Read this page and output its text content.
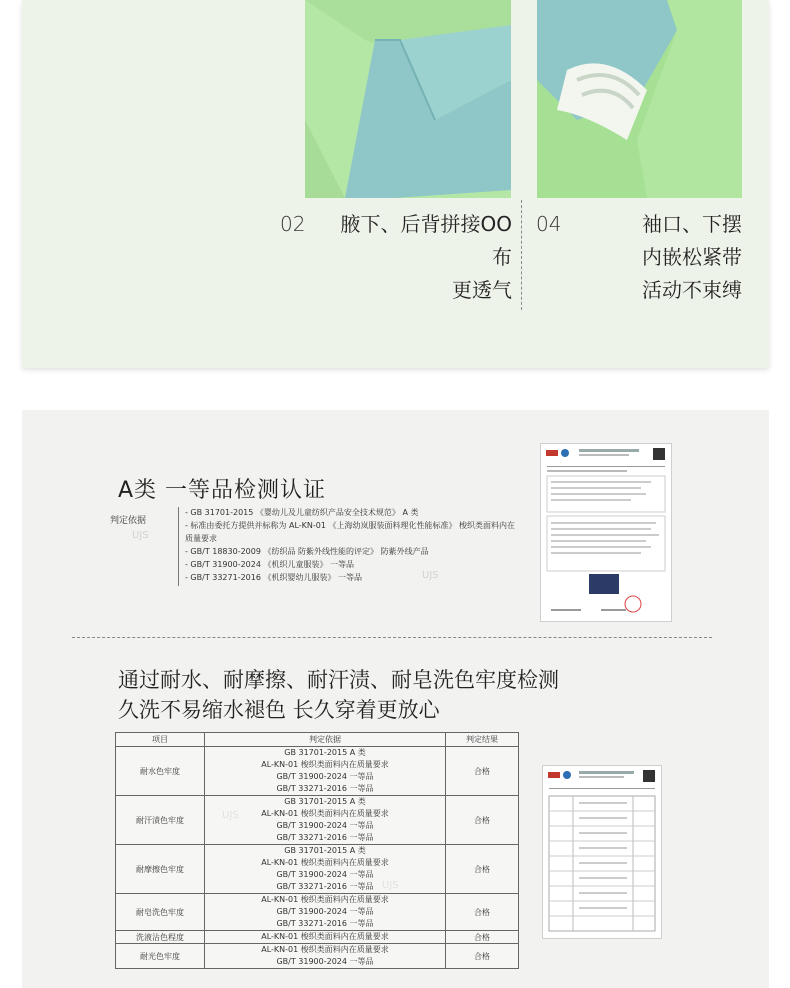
02	腋下、后背拼接OO布
更透气
04	袖口、下摆
内嵌松紧带
活动不束缚
UJS
UJS
UJS
UJS
A类 一等品检测认证
判定依据
- GB 31701-2015 《婴幼儿及儿童纺织产品安全技术规范》 A 类
- 标准由委托方提供并标称为 AL-KN-01 《上海幼岚服装面料理化性能标准》 梭织类面料内在
质量要求
- GB/T 18830-2009 《纺织品 防紫外线性能的评定》 防紫外线产品
- GB/T 31900-2024 《机织儿童服装》 一等品
- GB/T 33271-2016 《机织婴幼儿服装》 一等品
通过耐水、耐摩擦、耐汗渍、耐皂洗色牢度检测
久洗不易缩水褪色 长久穿着更放心
项目	判定依据	判定结果
耐水色牢度	GB 31701-2015 A 类
AL-KN-01 梭织类面料内在质量要求
GB/T 31900-2024 一等品
GB/T 33271-2016 一等品	合格
耐汗渍色牢度	GB 31701-2015 A 类
AL-KN-01 梭织类面料内在质量要求
GB/T 31900-2024 一等品
GB/T 33271-2016 一等品	合格
耐摩擦色牢度	GB 31701-2015 A 类
AL-KN-01 梭织类面料内在质量要求
GB/T 31900-2024 一等品
GB/T 33271-2016 一等品	合格
耐皂洗色牢度	AL-KN-01 梭织类面料内在质量要求
GB/T 31900-2024 一等品
GB/T 33271-2016 一等品	合格
洗液沾色程度	AL-KN-01 梭织类面料内在质量要求	合格
耐光色牢度	AL-KN-01 梭织类面料内在质量要求
GB/T 31900-2024 一等品	合格
